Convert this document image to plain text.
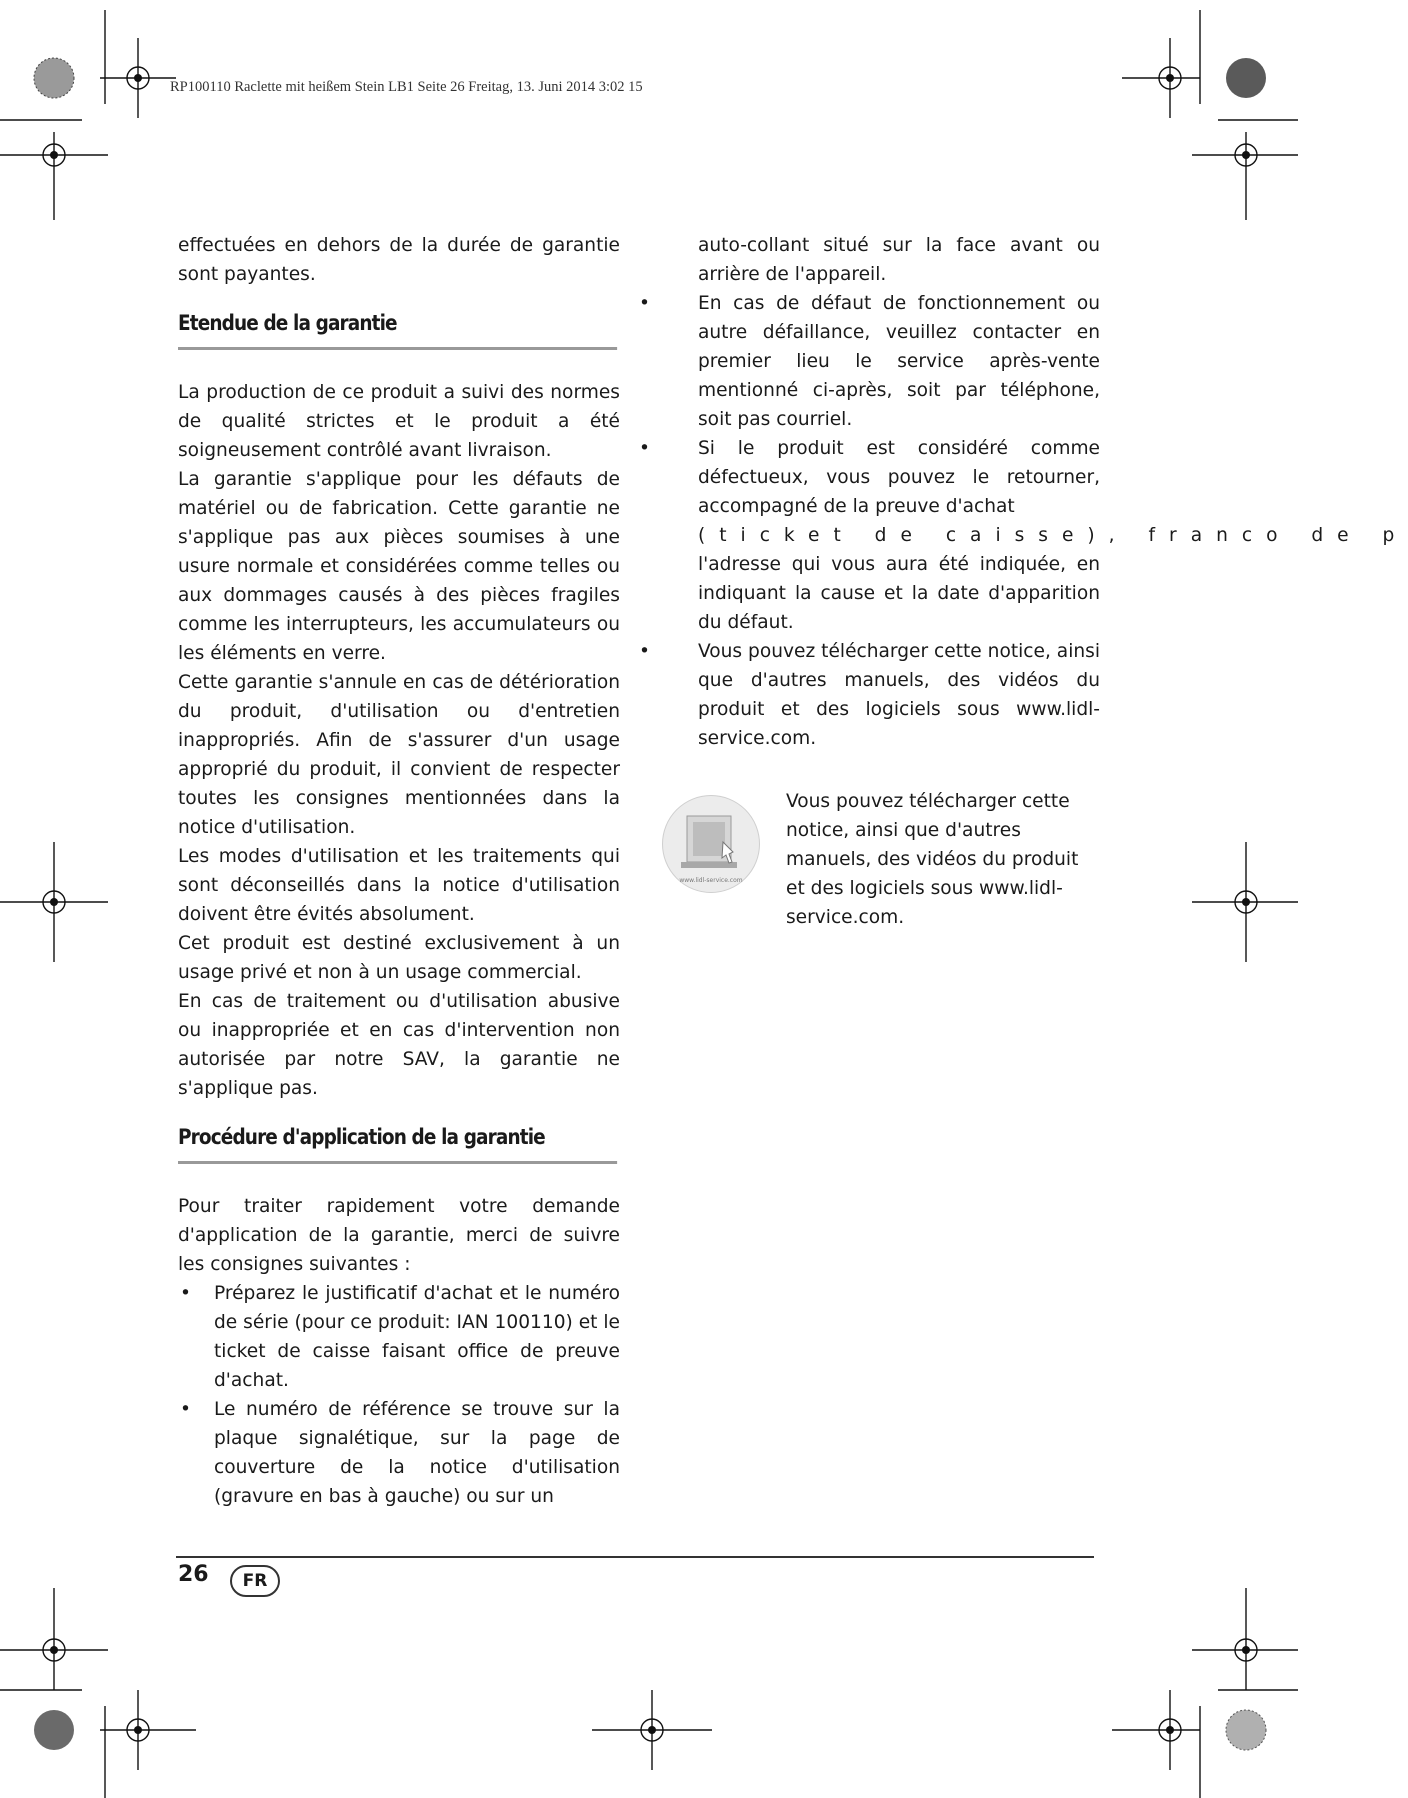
RP100110 Raclette mit heißem Stein LB1 Seite 26 Freitag, 13. Juni 2014 3:02 15

effectuées en dehors de la durée de garantie sont payantes.

Etendue de la garantie

La production de ce produit a suivi des normes de qualité strictes et le produit a été soigneusement contrôlé avant livraison.

La garantie s'applique pour les défauts de matériel ou de fabrication. Cette garantie ne s'applique pas aux pièces soumises à une usure normale et considérées comme telles ou aux dommages causés à des pièces fragiles comme les interrupteurs, les accumulateurs ou les éléments en verre.

Cette garantie s'annule en cas de détérioration du produit, d'utilisation ou d'entretien inappropriés. Afin de s'assurer d'un usage approprié du produit, il convient de respecter toutes les consignes mentionnées dans la notice d'utilisation.

Les modes d'utilisation et les traitements qui sont déconseillés dans la notice d'utilisation doivent être évités absolument.

Cet produit est destiné exclusivement à un usage privé et non à un usage commercial.

En cas de traitement ou d'utilisation abusive ou inappropriée et en cas d'intervention non autorisée par notre SAV, la garantie ne s'applique pas.

Procédure d'application de la garantie

Pour traiter rapidement votre demande d'application de la garantie, merci de suivre les consignes suivantes :

• Préparez le justificatif d'achat et le numéro de série (pour ce produit: IAN 100110) et le ticket de caisse faisant office de preuve d'achat.
• Le numéro de référence se trouve sur la plaque signalétique, sur la page de couverture de la notice d'utilisation (gravure en bas à gauche) ou sur un

auto-collant situé sur la face avant ou arrière de l'appareil.

• En cas de défaut de fonctionnement ou autre défaillance, veuillez contacter en premier lieu le service après-vente mentionné ci-après, soit par téléphone, soit pas courriel.
• Si le produit est considéré comme défectueux, vous pouvez le retourner, accompagné de la preuve d'achat
(ticket de caisse), franco de p
l'adresse qui vous aura été indiquée, en indiquant la cause et la date d'apparition du défaut.
• Vous pouvez télécharger cette notice, ainsi que d'autres manuels, des vidéos du produit et des logiciels sous www.lidl-service.com.
www.lidl-service.com
Vous pouvez télécharger cette notice, ainsi que d'autres manuels, des vidéos du produit et des logiciels sous www.lidl-service.com.
26	FR
